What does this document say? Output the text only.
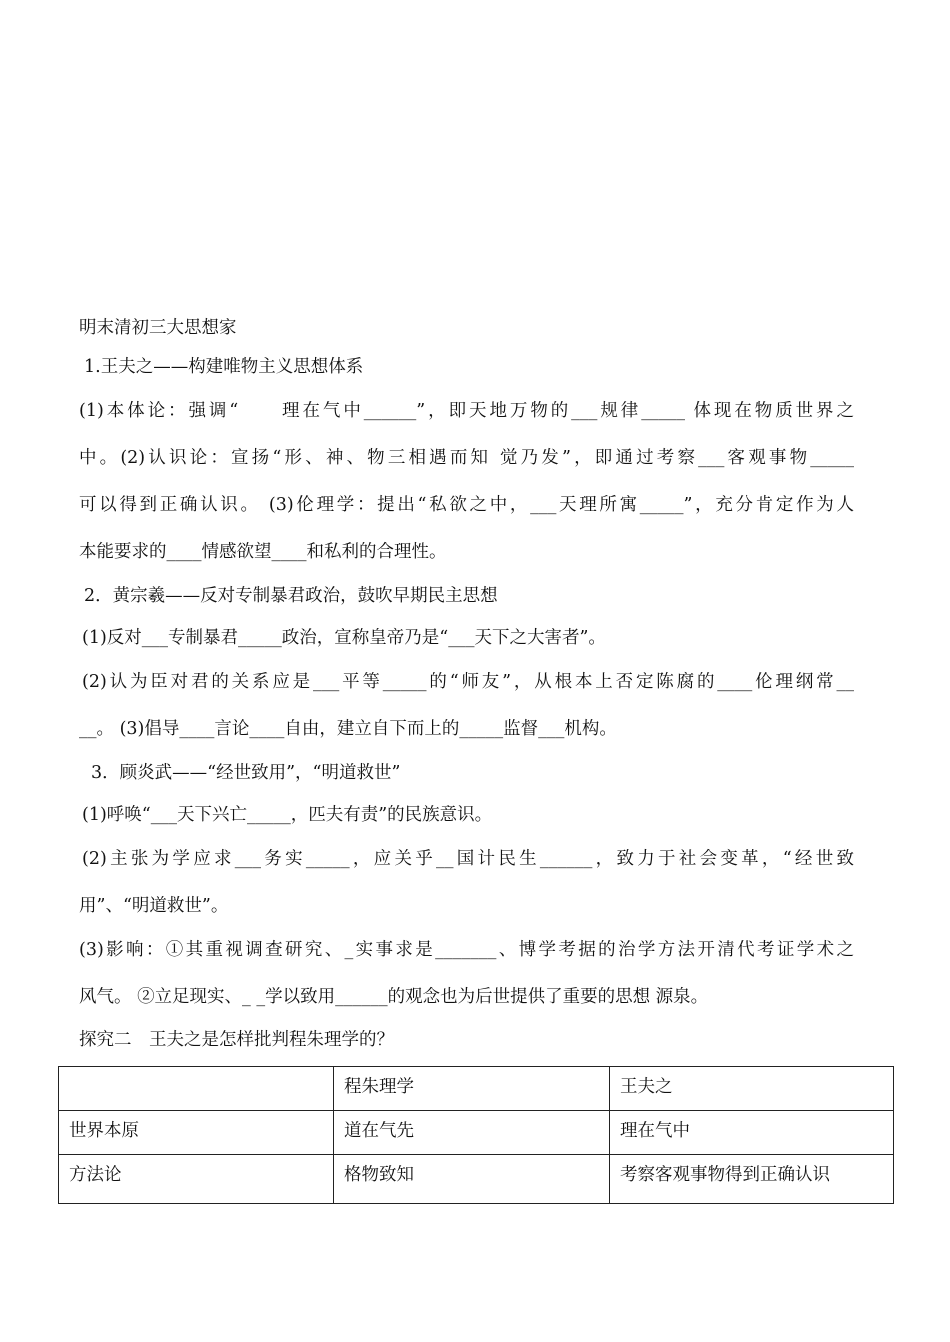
明末清初三大思想家
1.王夫之——构建唯物主义思想体系
(1)本体论：强调“　　理在气中______”，即天地万物的___规律_____ 体现在物质世界之
中。(2)认识论：宣扬“形、神、物三相遇而知 觉乃发”，即通过考察___客观事物_____
可以得到正确认识。 (3)伦理学：提出“私欲之中，___天理所寓_____”，充分肯定作为人
本能要求的____情感欲望____和私利的合理性。
2．黄宗羲——反对专制暴君政治，鼓吹早期民主思想
(1)反对___专制暴君_____政治，宣称皇帝乃是“___天下之大害者”。
(2)认为臣对君的关系应是___平等_____的“师友”，从根本上否定陈腐的____伦理纲常__
__。 (3)倡导____言论____自由，建立自下而上的_____监督___机构。
3．顾炎武——“经世致用”，“明道救世”
(1)呼唤“___天下兴亡_____，匹夫有责”的民族意识。
(2)主张为学应求___务实_____，应关乎__国计民生______，致力于社会变革，“经世致
用”、“明道救世”。
(3)影响：①其重视调查研究、_实事求是_______、博学考据的治学方法开清代考证学术之
风气。 ②立足现实、_ _学以致用______的观念也为后世提供了重要的思想 源泉。
探究二　王夫之是怎样批判程朱理学的？
	程朱理学	王夫之
世界本原	道在气先	理在气中
方法论	格物致知	考察客观事物得到正确认识
